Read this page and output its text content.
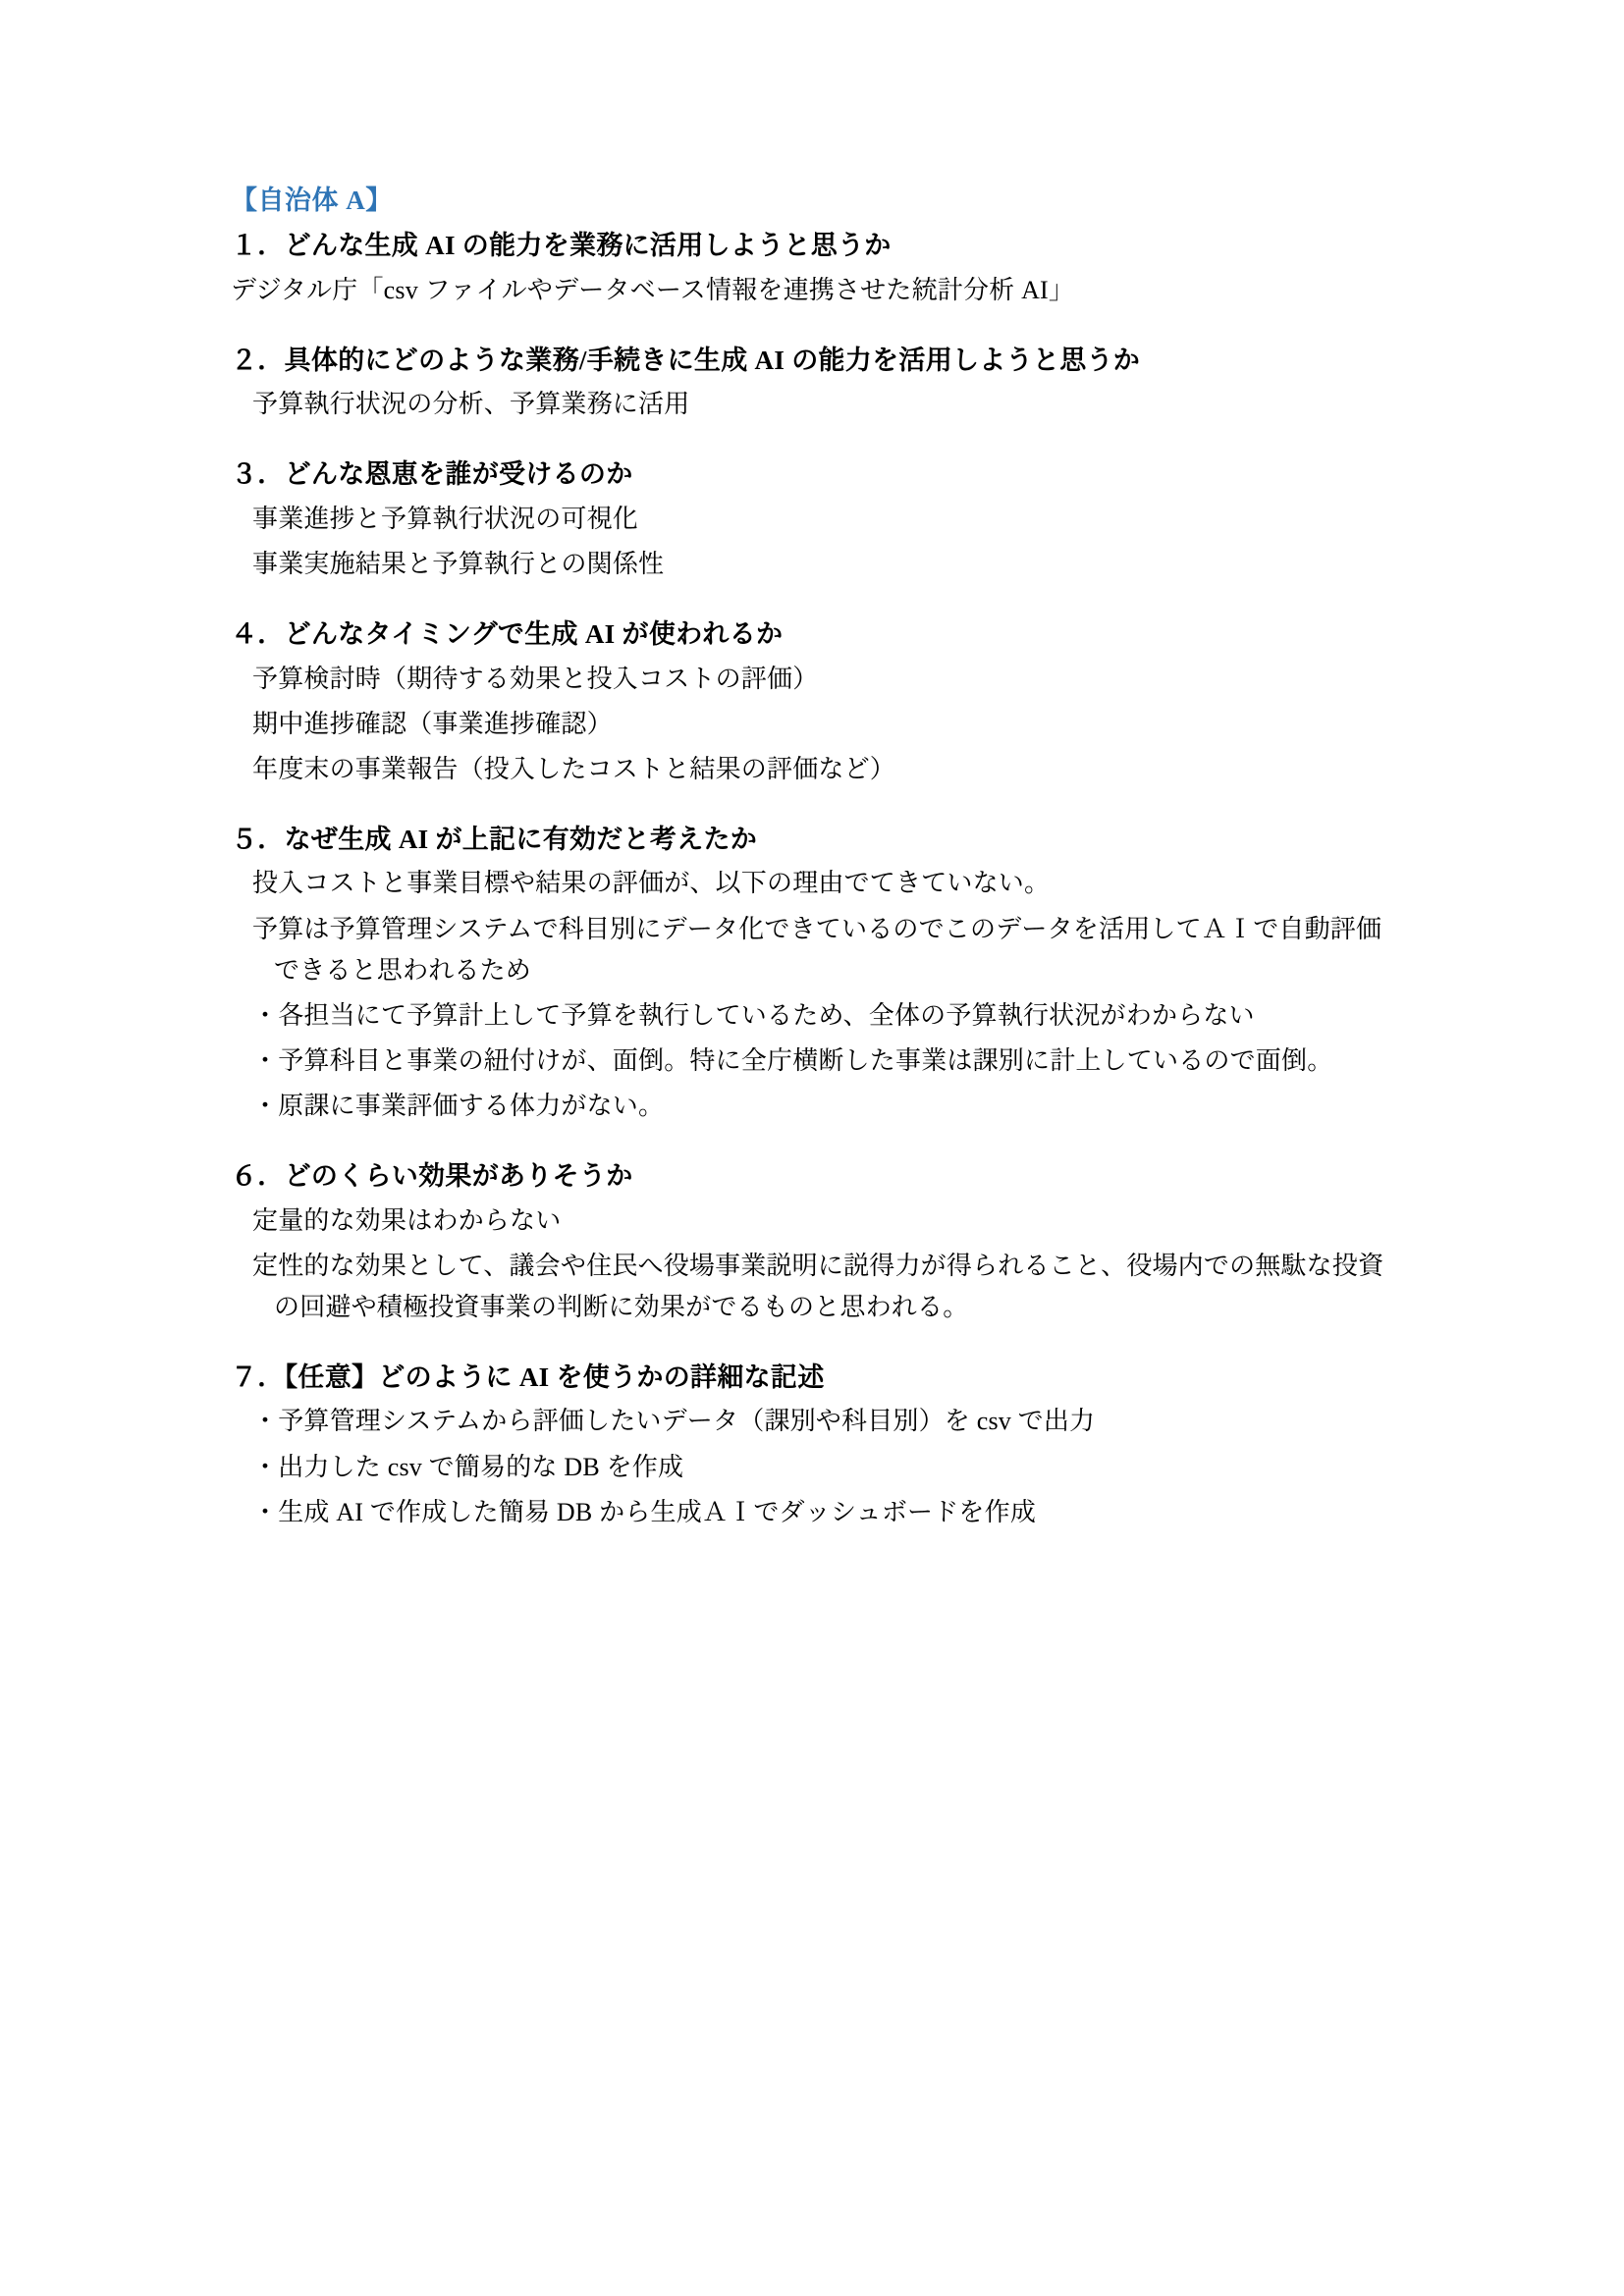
【自治体 A】

１．どんな生成 AI の能力を業務に活用しようと思うか

デジタル庁「csv ファイルやデータベース情報を連携させた統計分析 AI」

２．具体的にどのような業務/手続きに生成 AI の能力を活用しようと思うか

予算執行状況の分析、予算業務に活用

３．どんな恩恵を誰が受けるのか

事業進捗と予算執行状況の可視化

事業実施結果と予算執行との関係性

４．どんなタイミングで生成 AI が使われるか

予算検討時（期待する効果と投入コストの評価）

期中進捗確認（事業進捗確認）

年度末の事業報告（投入したコストと結果の評価など）

５．なぜ生成 AI が上記に有効だと考えたか

投入コストと事業目標や結果の評価が、以下の理由でてきていない。

予算は予算管理システムで科目別にデータ化できているのでこのデータを活用してＡＩで自動評価できると思われるため

・各担当にて予算計上して予算を執行しているため、全体の予算執行状況がわからない

・予算科目と事業の紐付けが、面倒。特に全庁横断した事業は課別に計上しているので面倒。

・原課に事業評価する体力がない。

６．どのくらい効果がありそうか

定量的な効果はわからない

定性的な効果として、議会や住民へ役場事業説明に説得力が得られること、役場内での無駄な投資の回避や積極投資事業の判断に効果がでるものと思われる。

７．【任意】どのように AI を使うかの詳細な記述

・予算管理システムから評価したいデータ（課別や科目別）を csv で出力

・出力した csv で簡易的な DB を作成

・生成 AI で作成した簡易 DB から生成ＡＩでダッシュボードを作成
